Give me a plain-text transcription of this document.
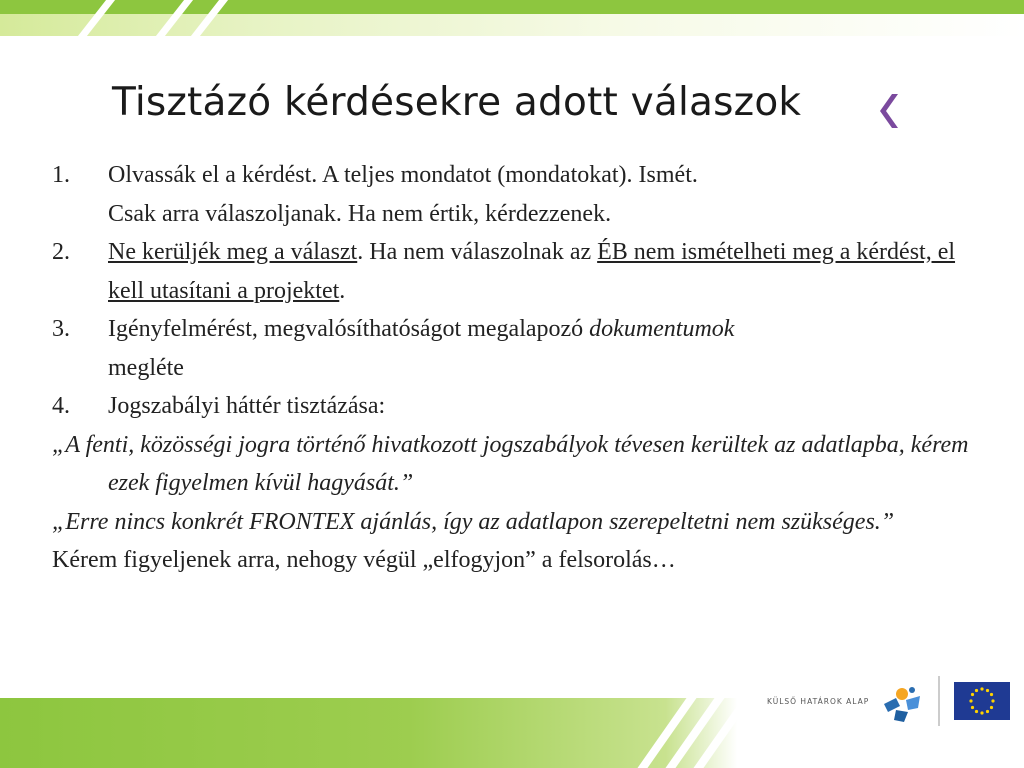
Tisztázó kérdésekre adott válaszok
1. Olvassák el a kérdést. A teljes mondatot (mondatokat). Ismét.
Csak arra válaszoljanak. Ha nem értik, kérdezzenek.
2. Ne kerüljék meg a választ. Ha nem válaszolnak az ÉB nem ismételheti meg a kérdést, el kell utasítani a projektet.
3. Igényfelmérést, megvalósíthatóságot megalapozó dokumentumok
megléte
4. Jogszabályi háttér tisztázása:
„A fenti, közösségi jogra történő hivatkozott jogszabályok tévesen kerültek az adatlapba, kérem ezek figyelmen kívül hagyását.”
„Erre nincs konkrét FRONTEX ajánlás, így az adatlapon szerepeltetni nem szükséges.”
Kérem figyeljenek arra, nehogy végül „elfogyjon” a felsorolás…
KÜLSŐ HATÁROK ALAP
